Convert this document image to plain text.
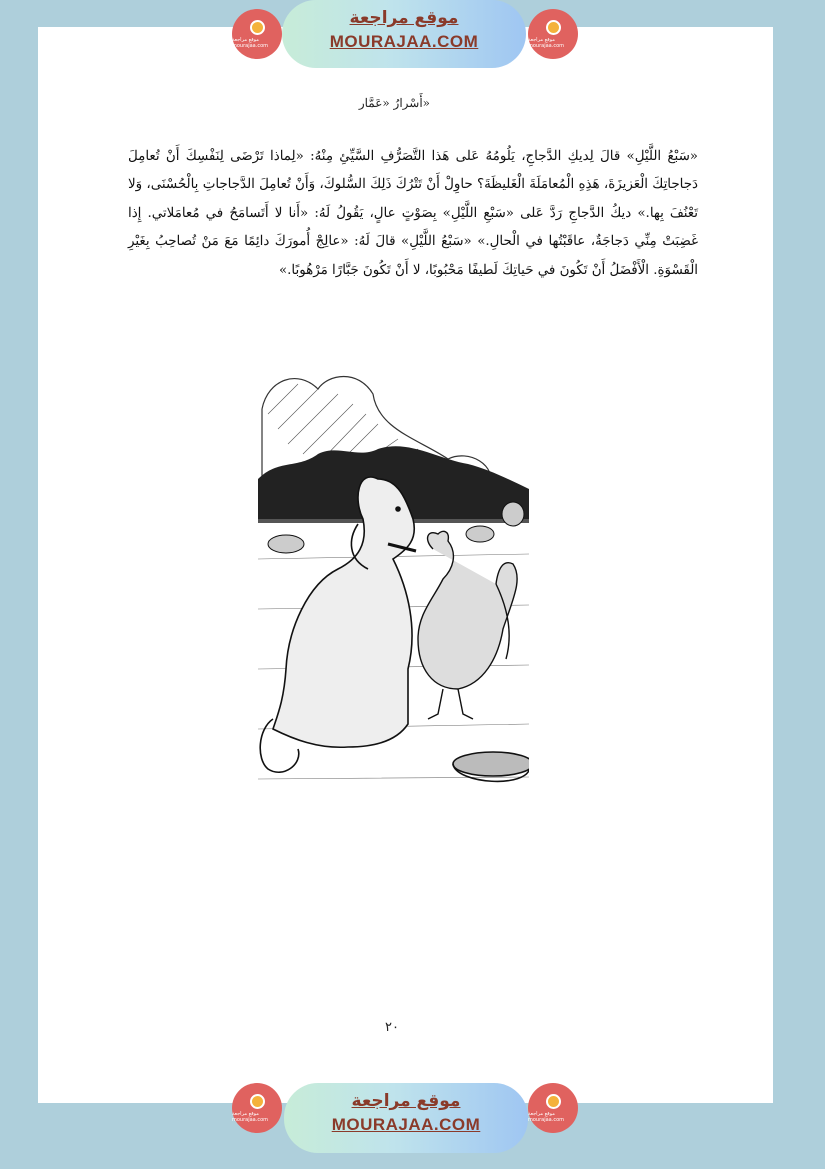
موقع مراجعة mourajaa.com
موقع مراجعة
MOURAJAA.COM	موقع مراجعة mourajaa.com
أَسْرارُ «عَمَّار»

«سَبْعُ اللَّيْلِ» قالَ لِديكِ الدَّجاجِ، يَلُومُهُ عَلى هَذا التَّصَرُّفِ السَّيِّئِ مِنْهُ: «لِماذا تَرْضَى لِنَفْسِكَ أَنْ تُعامِلَ دَجاجاتِكَ الْعَزيزَةَ، هَذِهِ الْمُعامَلَةَ الْغَليظَةَ؟ حاوِلْ أَنْ تَتْرُكَ ذَلِكَ السُّلوكَ، وَأَنْ تُعامِلَ الدَّجاجاتِ بِالْحُسْنَى، وَلا تَعْنُفَ بِها.» ديكُ الدَّجاجِ رَدَّ عَلى «سَبْعِ اللَّيْلِ» بِصَوْتٍ عالٍ، يَقُولُ لَهُ: «أَنا لا أَتَسامَحُ في مُعامَلاتي. إِذا غَضِبَتْ مِنِّي دَجاجَةٌ، عاقَبْتُها في الْحالِ.» «سَبْعُ اللَّيْلِ» قالَ لَهُ: «عالِجْ أُمورَكَ دائِمًا مَعَ مَنْ تُصاحِبُ بِغَيْرِ الْقَسْوَةِ. الْأَفْضَلُ أَنْ تَكُونَ في حَياتِكَ لَطيفًا مَحْبُوبًا، لا أَنْ تَكُونَ جَبَّارًا مَرْهُوبًا.»

٢٠
موقع مراجعة mourajaa.com
موقع مراجعة
MOURAJAA.COM
موقع مراجعة mourajaa.com
